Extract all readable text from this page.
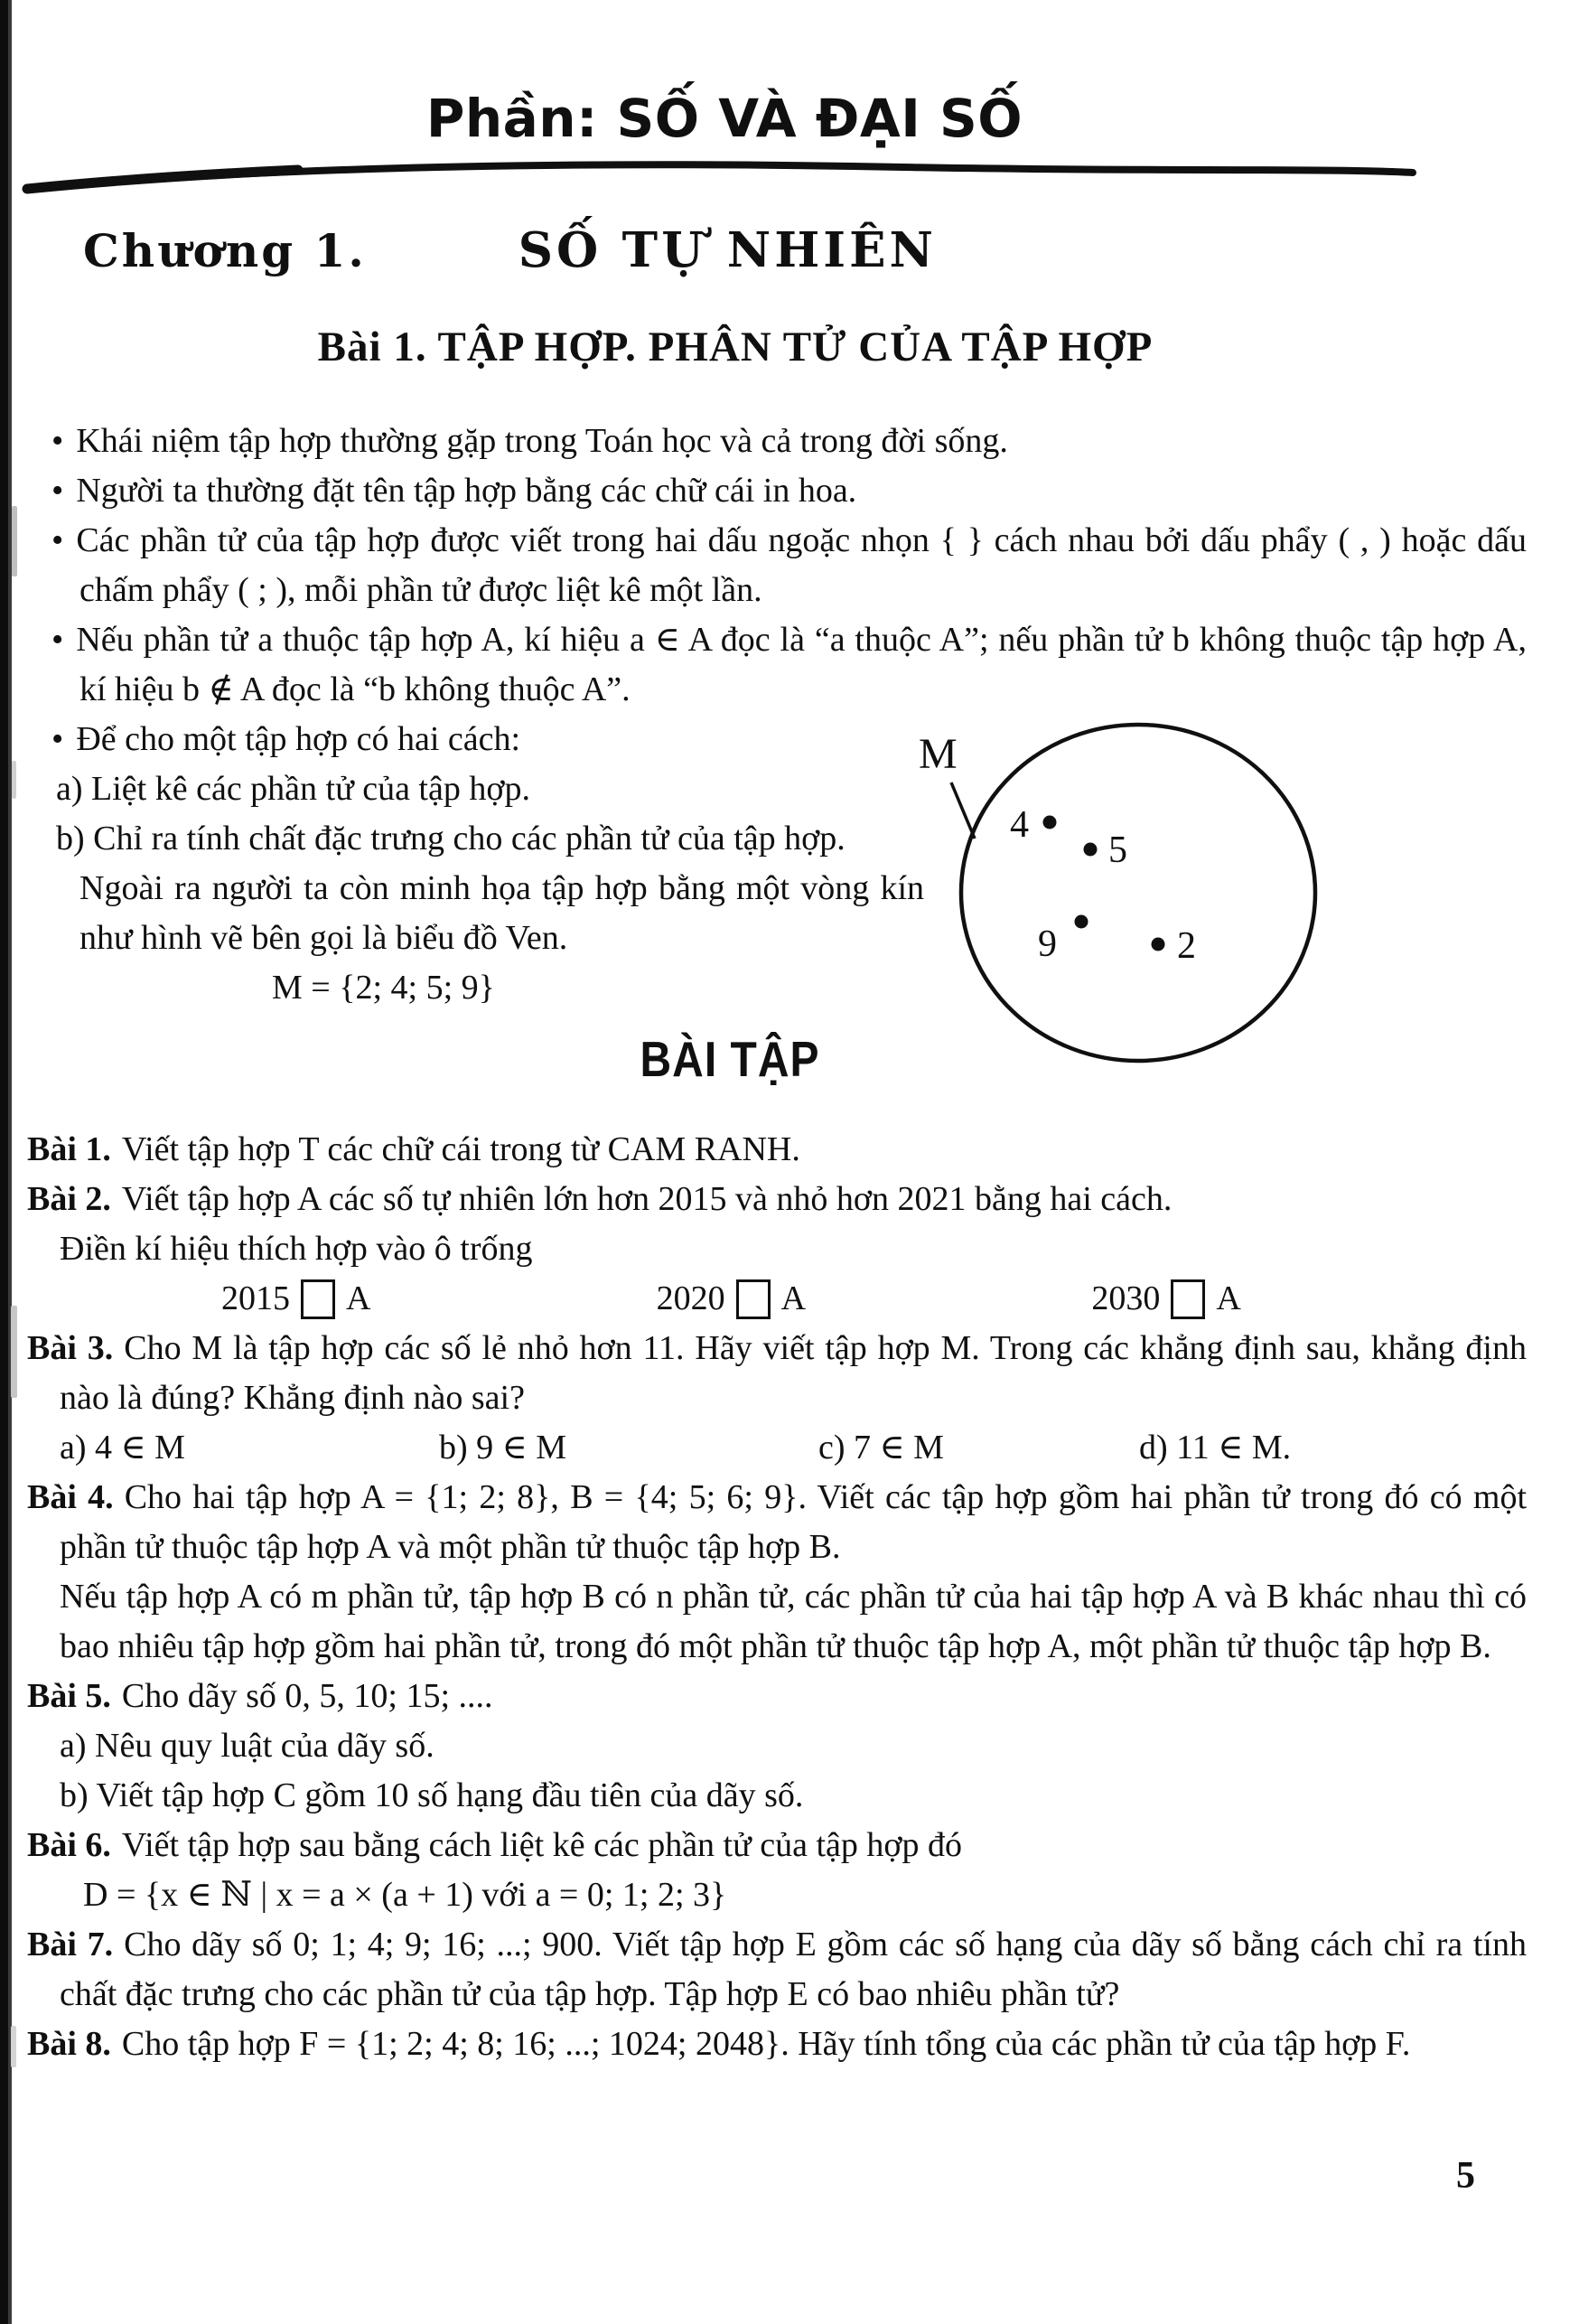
Phần: SỐ VÀ ĐẠI SỐ
Chương 1.	SỐ TỰ NHIÊN
Bài 1. TẬP HỢP. PHÂN TỬ CỦA TẬP HỢP

• Khái niệm tập hợp thường gặp trong Toán học và cả trong đời sống.

• Người ta thường đặt tên tập hợp bằng các chữ cái in hoa.

• Các phần tử của tập hợp được viết trong hai dấu ngoặc nhọn { } cách nhau bởi dấu phẩy ( , ) hoặc dấu chấm phẩy ( ; ), mỗi phần tử được liệt kê một lần.

• Nếu phần tử a thuộc tập hợp A, kí hiệu a ∈ A đọc là “a thuộc A”; nếu phần tử b không thuộc tập hợp A, kí hiệu b ∉ A đọc là “b không thuộc A”.

• Để cho một tập hợp có hai cách:

a) Liệt kê các phần tử của tập hợp.

b) Chỉ ra tính chất đặc trưng cho các phần tử của tập hợp.

Ngoài ra người ta còn minh họa tập hợp bằng một vòng kín như hình vẽ bên gọi là biểu đồ Ven.

M = {2; 4; 5; 9}

M
4
5
9	2
BÀI TẬP

Bài 1. Viết tập hợp T các chữ cái trong từ CAM RANH.

Bài 2. Viết tập hợp A các số tự nhiên lớn hơn 2015 và nhỏ hơn 2021 bằng hai cách.

Điền kí hiệu thích hợp vào ô trống

2015 A	2020 A	2030 A

Bài 3. Cho M là tập hợp các số lẻ nhỏ hơn 11. Hãy viết tập hợp M. Trong các khẳng định sau, khẳng định nào là đúng? Khẳng định nào sai?

a) 4 ∈ M	b) 9 ∈ M	c) 7 ∈ M	d) 11 ∈ M.

Bài 4. Cho hai tập hợp A = {1; 2; 8}, B = {4; 5; 6; 9}. Viết các tập hợp gồm hai phần tử trong đó có một phần tử thuộc tập hợp A và một phần tử thuộc tập hợp B.

Nếu tập hợp A có m phần tử, tập hợp B có n phần tử, các phần tử của hai tập hợp A và B khác nhau thì có bao nhiêu tập hợp gồm hai phần tử, trong đó một phần tử thuộc tập hợp A, một phần tử thuộc tập hợp B.

Bài 5. Cho dãy số 0, 5, 10; 15; ....

a) Nêu quy luật của dãy số.

b) Viết tập hợp C gồm 10 số hạng đầu tiên của dãy số.

Bài 6. Viết tập hợp sau bằng cách liệt kê các phần tử của tập hợp đó

D = {x ∈ ℕ | x = a × (a + 1) với a = 0; 1; 2; 3}

Bài 7. Cho dãy số 0; 1; 4; 9; 16; ...; 900. Viết tập hợp E gồm các số hạng của dãy số bằng cách chỉ ra tính chất đặc trưng cho các phần tử của tập hợp. Tập hợp E có bao nhiêu phần tử?

Bài 8. Cho tập hợp F = {1; 2; 4; 8; 16; ...; 1024; 2048}. Hãy tính tổng của các phần tử của tập hợp F.

5
